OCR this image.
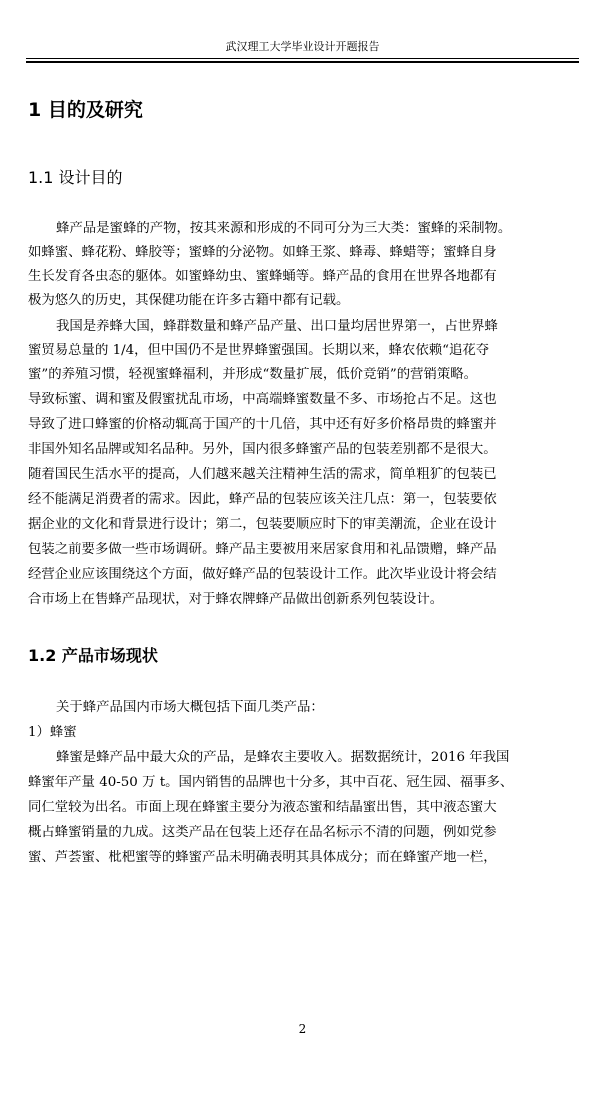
武汉理工大学毕业设计开题报告
1 目的及研究
1.1 设计目的
蜂产品是蜜蜂的产物，按其来源和形成的不同可分为三大类：蜜蜂的采制物。
如蜂蜜、蜂花粉、蜂胶等；蜜蜂的分泌物。如蜂王浆、蜂毒、蜂蜡等；蜜蜂自身
生长发育各虫态的躯体。如蜜蜂幼虫、蜜蜂蛹等。蜂产品的食用在世界各地都有
极为悠久的历史，其保健功能在许多古籍中都有记载。
我国是养蜂大国，蜂群数量和蜂产品产量、出口量均居世界第一，占世界蜂
蜜贸易总量的 1/4，但中国仍不是世界蜂蜜强国。长期以来，蜂农依赖“追花夺
蜜”的养殖习惯，轻视蜜蜂福利，并形成“数量扩展，低价竞销”的营销策略。
导致标蜜、调和蜜及假蜜扰乱市场，中高端蜂蜜数量不多、市场抢占不足。这也
导致了进口蜂蜜的价格动辄高于国产的十几倍，其中还有好多价格昂贵的蜂蜜并
非国外知名品牌或知名品种。另外，国内很多蜂蜜产品的包装差别都不是很大。
随着国民生活水平的提高，人们越来越关注精神生活的需求，简单粗犷的包装已
经不能满足消费者的需求。因此，蜂产品的包装应该关注几点：第一，包装要依
据企业的文化和背景进行设计；第二，包装要顺应时下的审美潮流，企业在设计
包装之前要多做一些市场调研。蜂产品主要被用来居家食用和礼品馈赠，蜂产品
经营企业应该围绕这个方面，做好蜂产品的包装设计工作。此次毕业设计将会结
合市场上在售蜂产品现状，对于蜂农牌蜂产品做出创新系列包装设计。
1.2 产品市场现状
关于蜂产品国内市场大概包括下面几类产品：
1）蜂蜜
蜂蜜是蜂产品中最大众的产品，是蜂农主要收入。据数据统计，2016 年我国
蜂蜜年产量 40-50 万 t。国内销售的品牌也十分多，其中百花、冠生园、福事多、
同仁堂较为出名。市面上现在蜂蜜主要分为液态蜜和结晶蜜出售，其中液态蜜大
概占蜂蜜销量的九成。这类产品在包装上还存在品名标示不清的问题，例如党参
蜜、芦荟蜜、枇杷蜜等的蜂蜜产品未明确表明其具体成分；而在蜂蜜产地一栏，
2
